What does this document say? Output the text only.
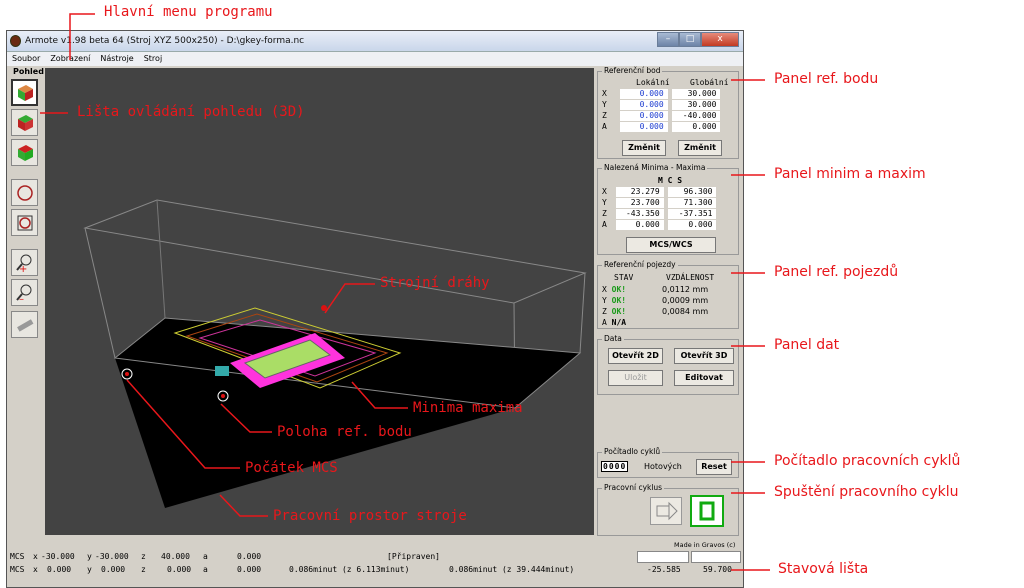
Armote v1.98 beta 64 (Stroj XYZ 500x250) - D:\gkey-forma.nc	–	□	x
Soubor Zobrazení Nástroje Stroj
Pohled
+
–
Referenční bod
Lokální	Globální
X	0.000	30.000
Y	0.000	30.000
Z	0.000 -40.000
A	0.000	0.000
Změnit	Změnit
Nalezená Minima - Maxima
M C S
X	23.279	96.300
Y	23.700	71.300
Z -43.350 -37.351
A	0.000	0.000
MCS/WCS
Referenční pojezdy
STAV	VZDÁLENOST
X OK!	0,0112 mm
Y OK!	0,0009 mm
Z OK!	0,0084 mm
A N/A
Data
Otevřít 2D	Otevřít 3D
Uložit	Editovat
Počítadlo cyklů
0000 Hotových	Reset
Pracovní cyklus
Made in Gravos (c)
MCS x -30.000 y -30.000 z 40.000 a	0.000	[Připraven]
MCS x 0.000 y 0.000 z	0.000 a	0.000	0.086minut (z 6.113minut)	0.086minut (z 39.444minut)	-25.585	59.700
Hlavní menu programu
Lišta ovládání pohledu (3D)
Strojní dráhy
Minima maxima
Poloha ref. bodu
Počátek MCS
Pracovní prostor stroje
Panel ref. bodu
Panel minim a maxim
Panel ref. pojezdů
Panel dat
Počítadlo pracovních cyklů
Spuštění pracovního cyklu
Stavová lišta
